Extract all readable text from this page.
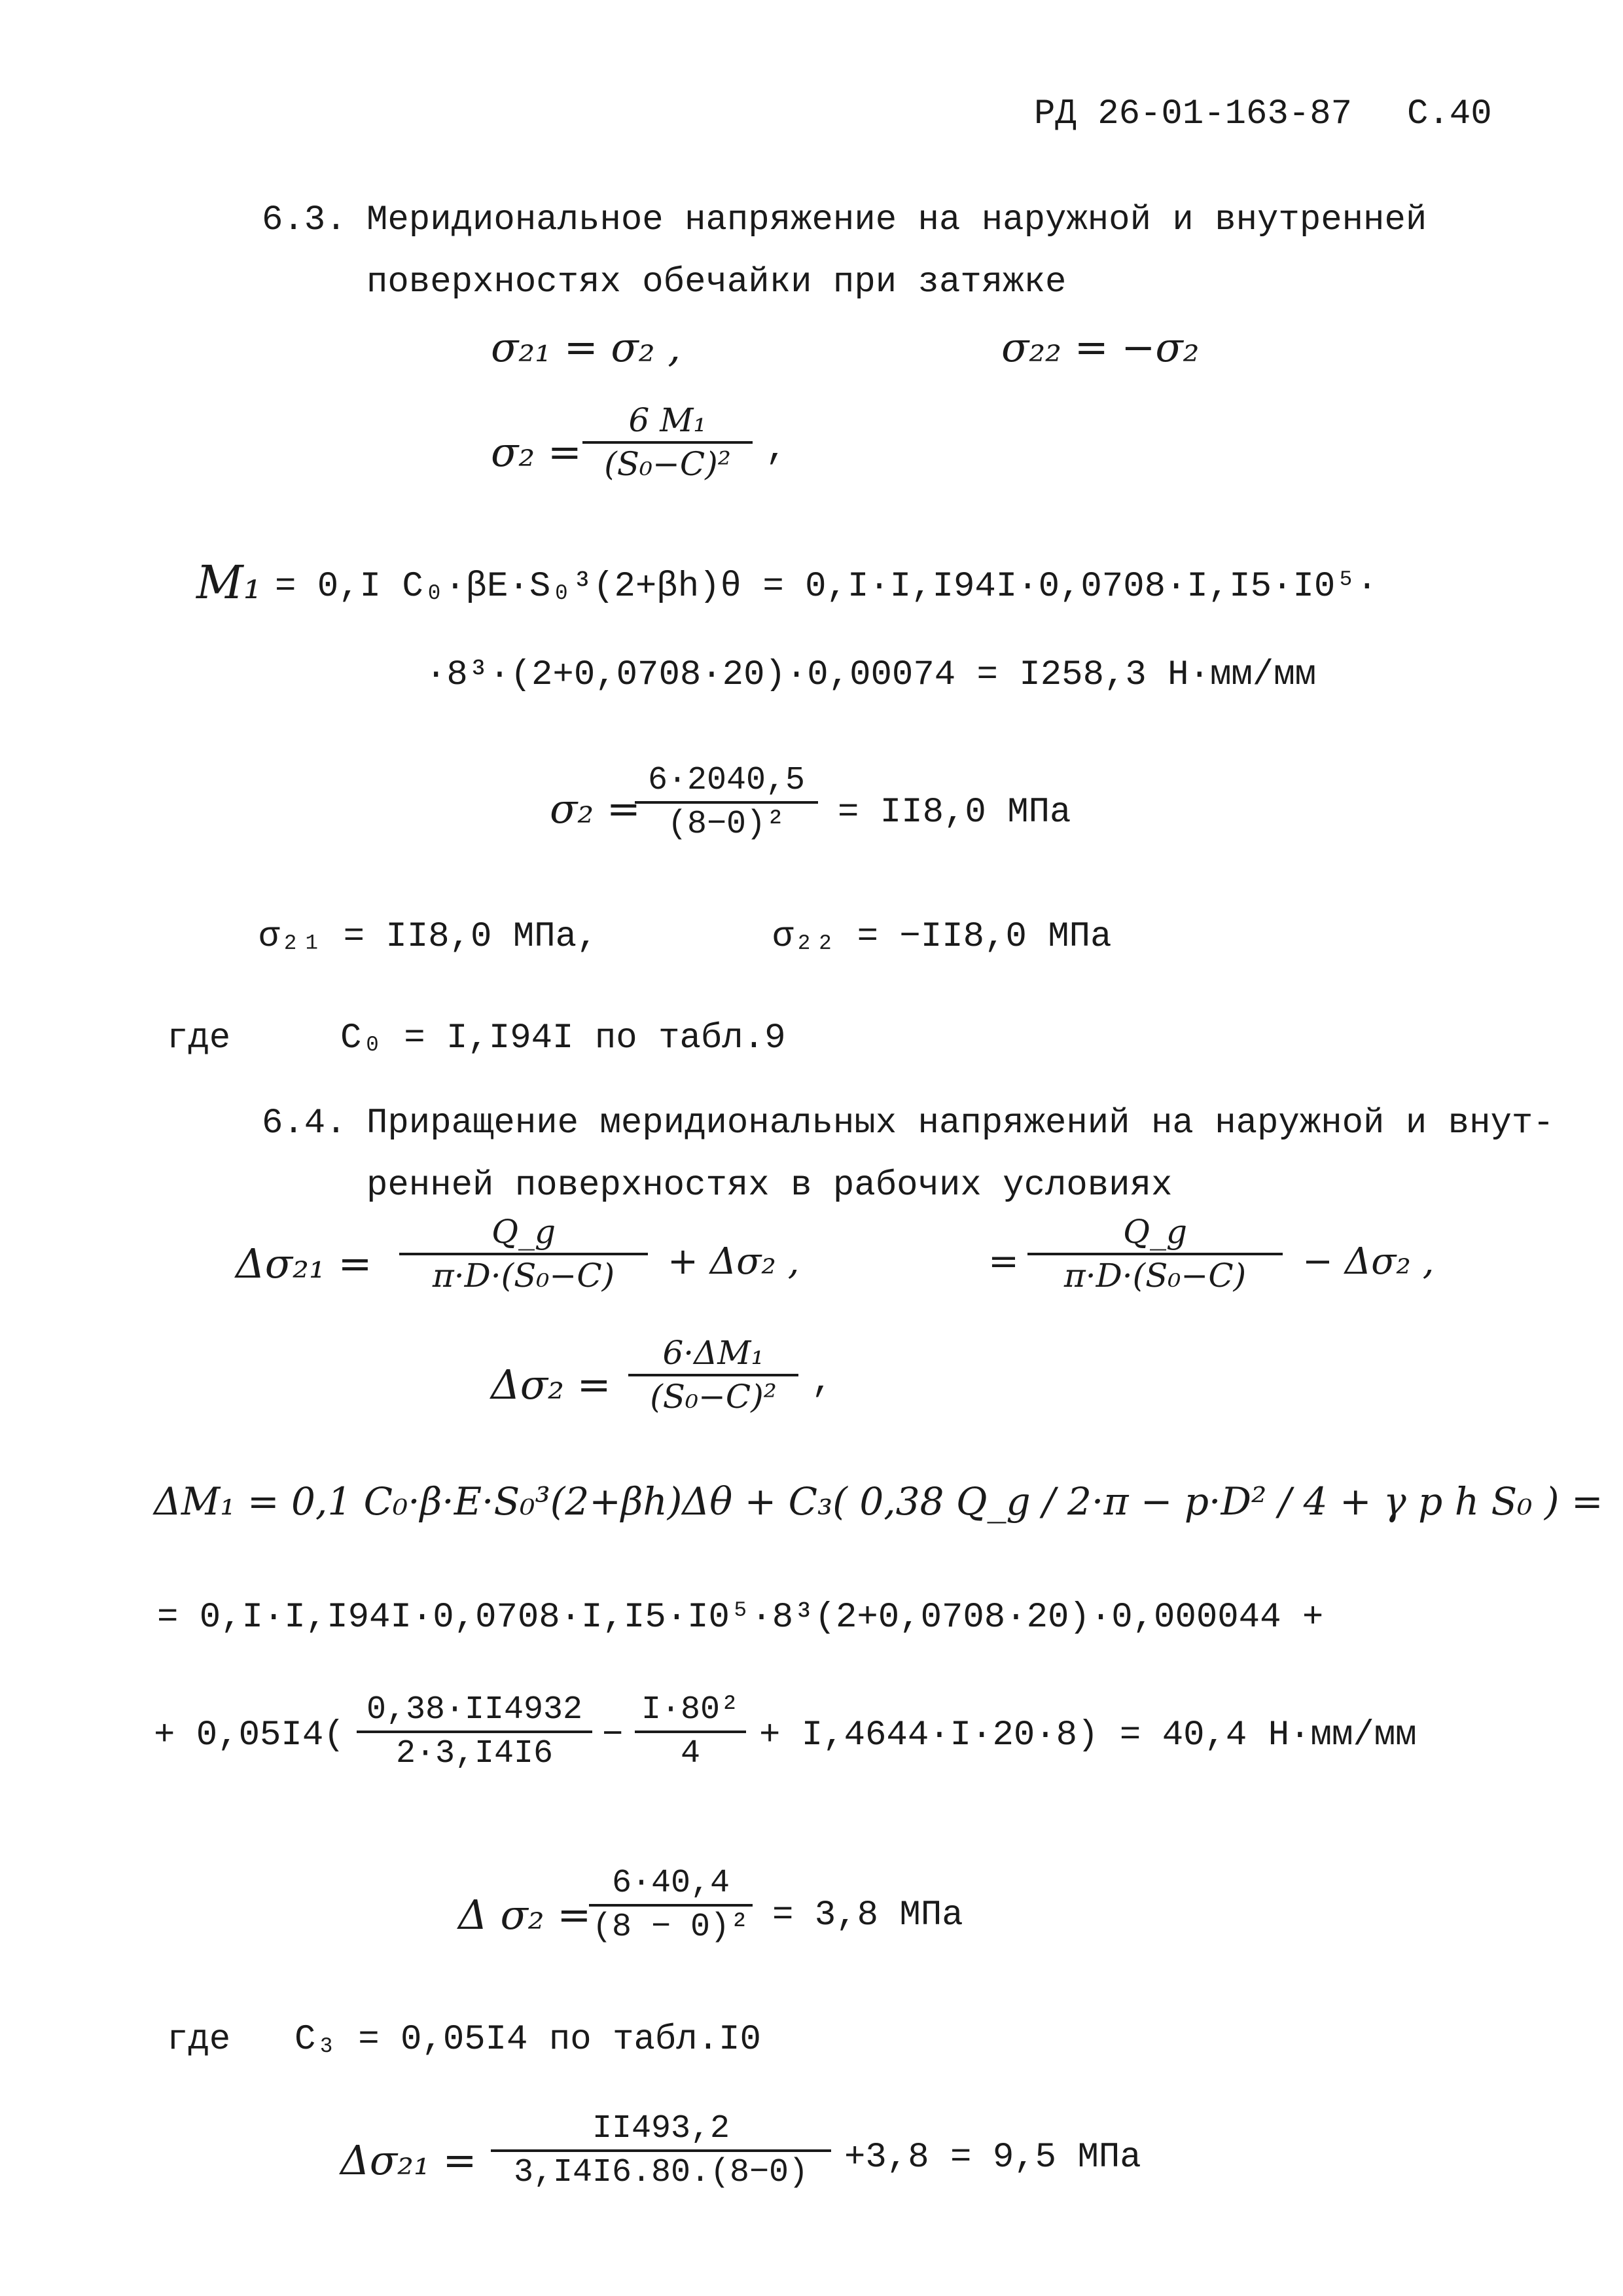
РД 26-01-163-87 С.40
6.3. Меридиональное напряжение на наружной и внутренней
поверхностях обечайки при затяжке
σ₂₁ = σ₂ ,	σ₂₂ = −σ₂
σ₂ =
6 M₁
(S₀−C)² ,
M₁ = 0,I C₀·βE·S₀³(2+βh)θ = 0,I·I,I94I·0,0708·I,I5·I0⁵·
·8³·(2+0,0708·20)·0,00074 = I258,3 Н·мм/мм
σ₂ =
6·2040,5
(8−0)²	= II8,0 МПа
σ₂₁ = II8,0 МПа,	σ₂₂ = −II8,0 МПа
где	C₀ = I,I94I по табл.9
6.4. Приращение меридиональных напряжений на наружной и внут-
ренней поверхностях в рабочих условиях
Δσ₂₁ =
Q_g
π·D·(S₀−C)	+ Δσ₂ ,	=
Q_g
π·D·(S₀−C)	− Δσ₂ ,
Δσ₂ =
6·ΔM₁
(S₀−C)² ,
ΔM₁ = 0,1 C₀·β·E·S₀³(2+βh)Δθ + C₃( 0,38 Q_g / 2·π − p·D² / 4 + γ p h S₀ ) =
= 0,I·I,I94I·0,0708·I,I5·I0⁵·8³(2+0,0708·20)·0,000044 +
+ 0,05I4(
0,38·II4932
2·3,I4I6	−
I·80²
4	+ I,4644·I·20·8) = 40,4 Н·мм/мм
Δ σ₂ =
6·40,4
(8 − 0)² = 3,8 МПа
где C₃ = 0,05I4 по табл.I0
Δσ₂₁ =
II493,2
3,I4I6.80.(8−0)	+3,8 = 9,5 МПа
